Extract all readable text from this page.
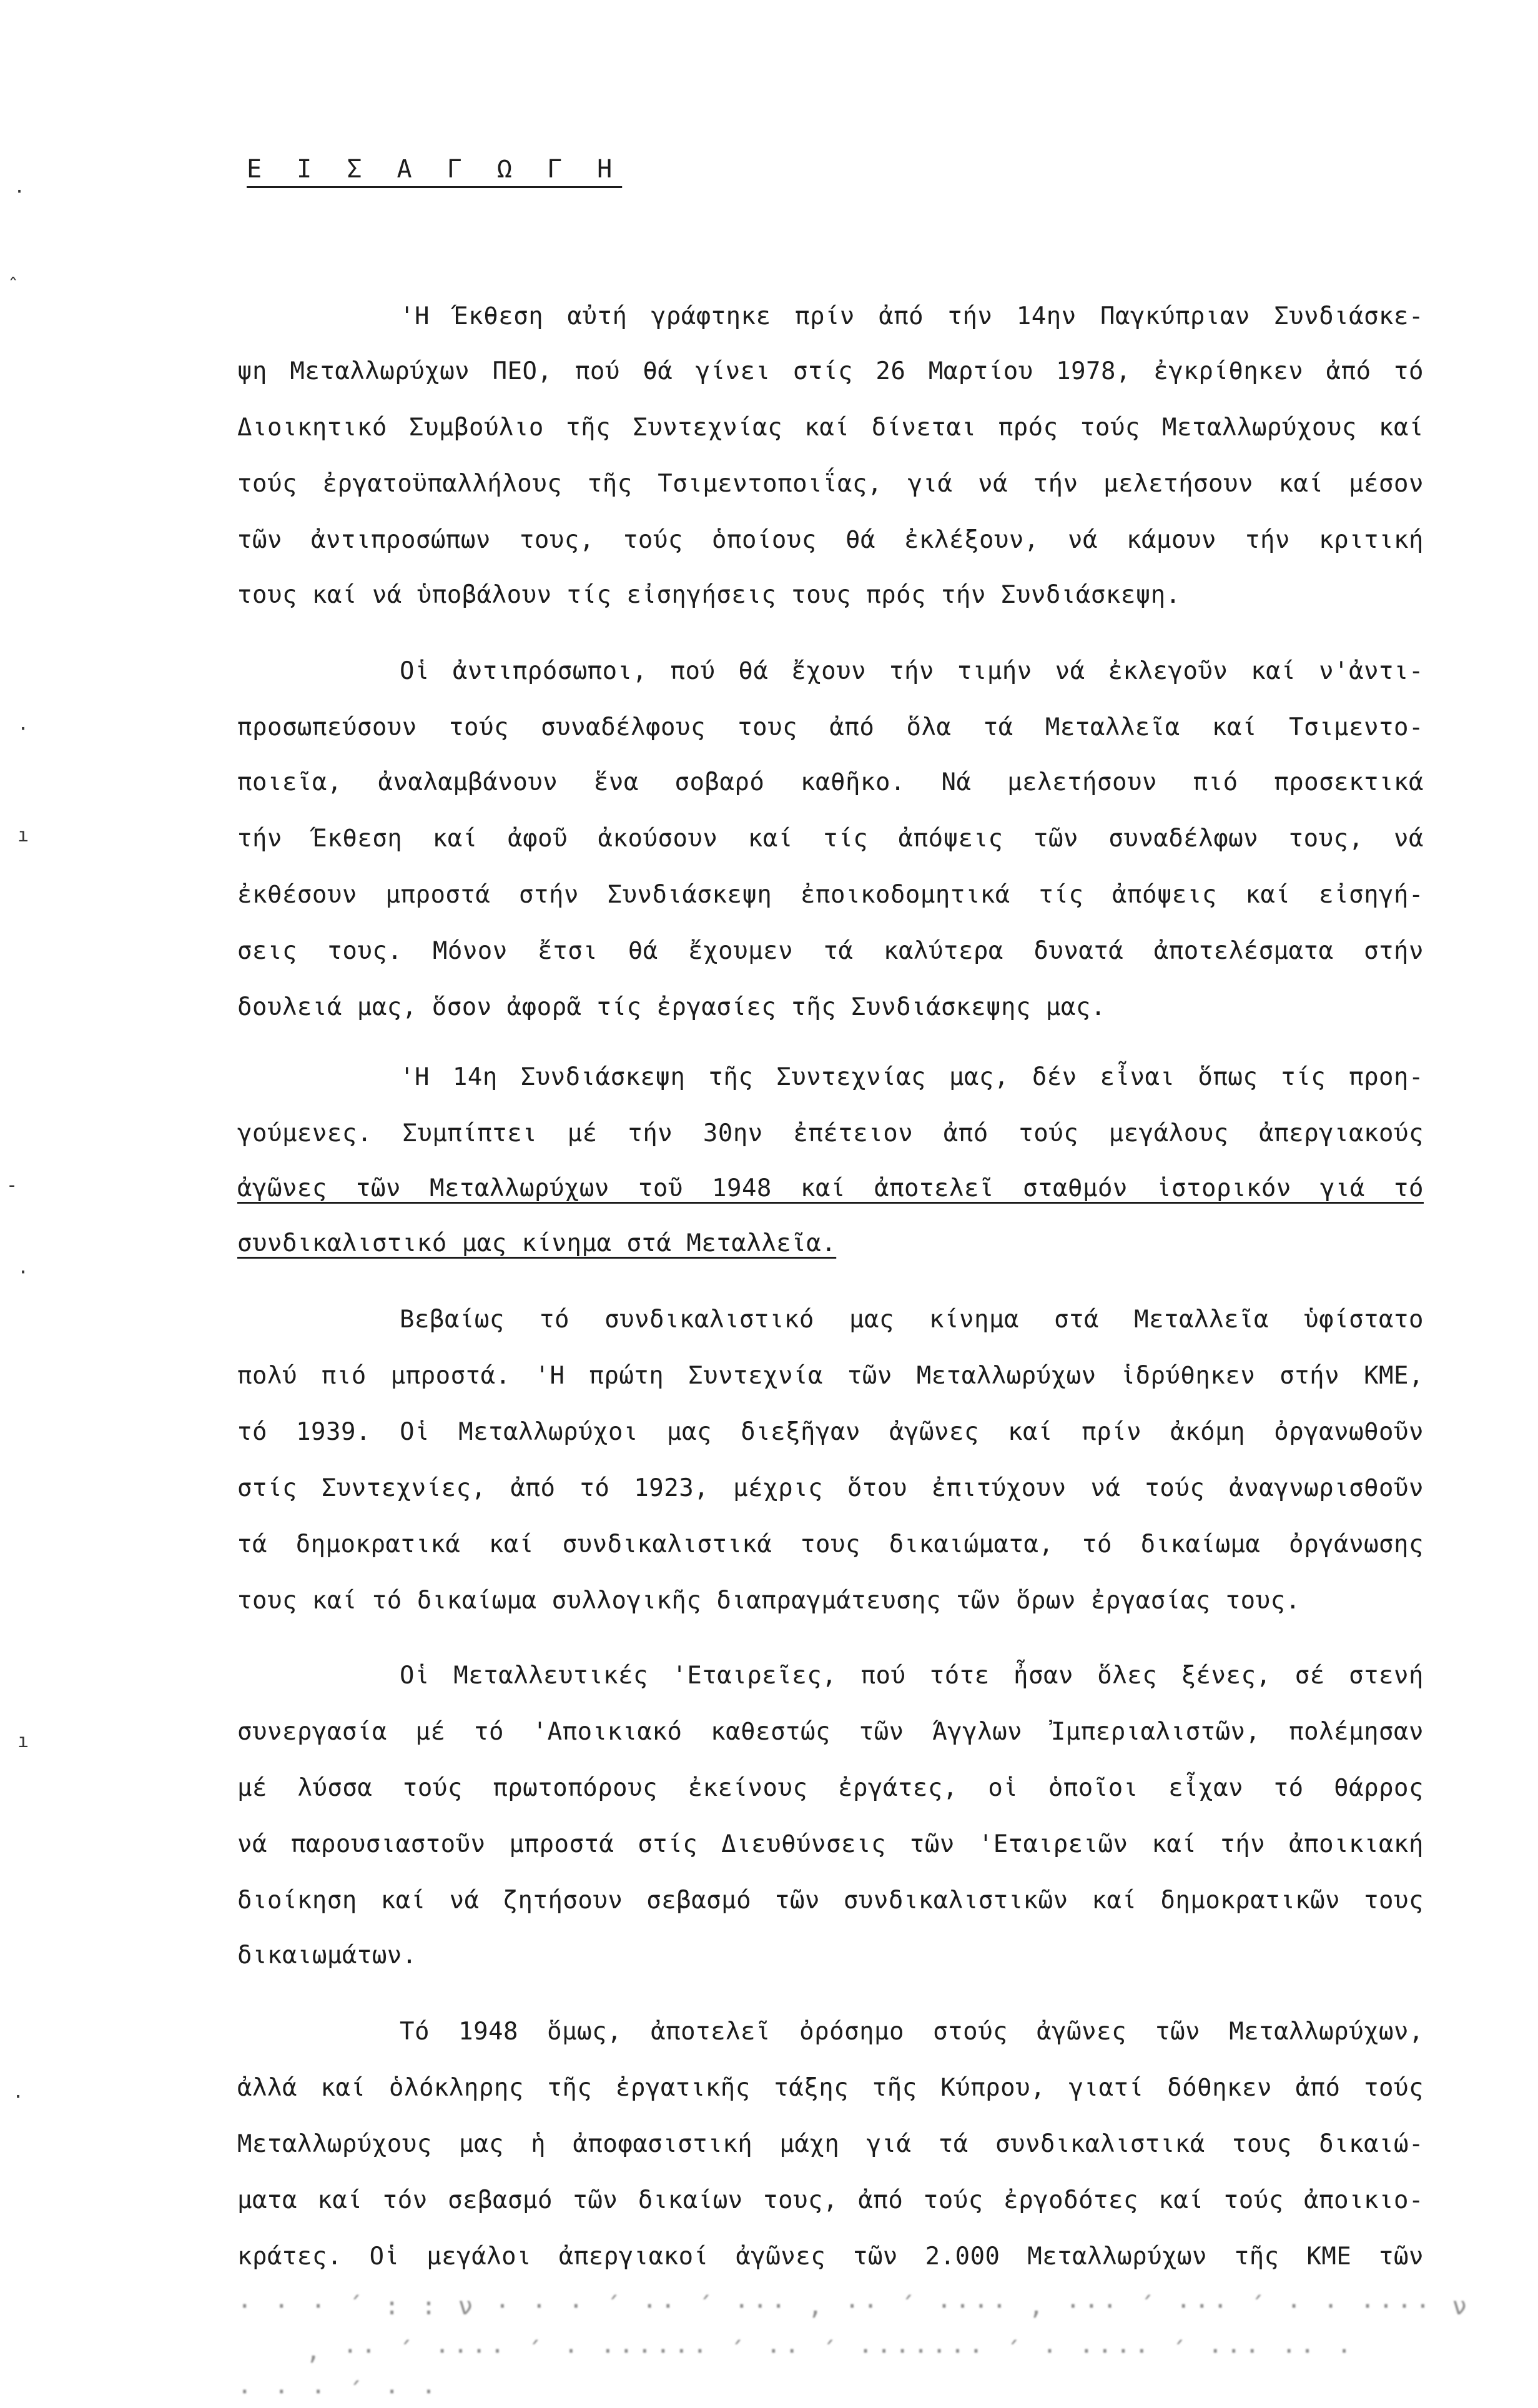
·
ˆ
·
ı
-
·
ı
·
Ε Ι Σ Α Γ Ω Γ Η
'Η Έκθεση αὐτή γράφτηκε πρίν ἀπό τήν 14ην Παγκύπριαν Συνδιάσκε-
ψη Μεταλλωρύχων ΠΕΟ, πού θά γίνει στίς 26 Μαρτίου 1978, ἐγκρίθηκεν ἀπό τό
Διοικητικό Συμβούλιο τῆς Συντεχνίας καί δίνεται πρός τούς Μεταλλωρύχους καί
τούς ἐργατοϋπαλλήλους τῆς Τσιμεντοποιΐας, γιά νά τήν μελετήσουν καί μέσον
τῶν ἀντιπροσώπων τους, τούς ὁποίους θά ἐκλέξουν, νά κάμουν τήν κριτική
τους καί νά ὑποβάλουν τίς εἰσηγήσεις τους πρός τήν Συνδιάσκεψη.
Οἱ ἀντιπρόσωποι, πού θά ἔχουν τήν τιμήν νά ἐκλεγοῦν καί ν'ἀντι-
προσωπεύσουν τούς συναδέλφους τους ἀπό ὅλα τά Μεταλλεῖα καί Τσιμεντο-
ποιεῖα, ἀναλαμβάνουν ἕνα σοβαρό καθῆκο. Νά μελετήσουν πιό προσεκτικά
τήν Έκθεση καί ἀφοῦ ἀκούσουν καί τίς ἀπόψεις τῶν συναδέλφων τους, νά
ἐκθέσουν μπροστά στήν Συνδιάσκεψη ἐποικοδομητικά τίς ἀπόψεις καί εἰσηγή-
σεις τους. Μόνον ἔτσι θά ἔχουμεν τά καλύτερα δυνατά ἀποτελέσματα στήν
δουλειά μας, ὅσον ἀφορᾶ τίς ἐργασίες τῆς Συνδιάσκεψης μας.
'Η 14η Συνδιάσκεψη τῆς Συντεχνίας μας, δέν εἶναι ὅπως τίς προη-
γούμενες. Συμπίπτει μέ τήν 30ην ἐπέτειον ἀπό τούς μεγάλους ἀπεργιακούς
ἀγῶνες τῶν Μεταλλωρύχων τοῦ 1948 καί ἀποτελεῖ σταθμόν ἱστορικόν γιά τό
συνδικαλιστικό μας κίνημα στά Μεταλλεῖα.
Βεβαίως τό συνδικαλιστικό μας κίνημα στά Μεταλλεῖα ὑφίστατο
πολύ πιό μπροστά. 'Η πρώτη Συντεχνία τῶν Μεταλλωρύχων ἱδρύθηκεν στήν ΚΜΕ,
τό 1939. Οἱ Μεταλλωρύχοι μας διεξῆγαν ἀγῶνες καί πρίν ἀκόμη ὀργανωθοῦν
στίς Συντεχνίες, ἀπό τό 1923, μέχρις ὅτου ἐπιτύχουν νά τούς ἀναγνωρισθοῦν
τά δημοκρατικά καί συνδικαλιστικά τους δικαιώματα, τό δικαίωμα ὀργάνωσης
τους καί τό δικαίωμα συλλογικῆς διαπραγμάτευσης τῶν ὅρων ἐργασίας τους.
Οἱ Μεταλλευτικές 'Εταιρεῖες, πού τότε ἦσαν ὅλες ξένες, σέ στενή
συνεργασία μέ τό 'Αποικιακό καθεστώς τῶν Άγγλων Ἰμπεριαλιστῶν, πολέμησαν
μέ λύσσα τούς πρωτοπόρους ἐκείνους ἐργάτες, οἱ ὁποῖοι εἶχαν τό θάρρος
νά παρουσιαστοῦν μπροστά στίς Διευθύνσεις τῶν 'Εταιρειῶν καί τήν ἀποικιακή
διοίκηση καί νά ζητήσουν σεβασμό τῶν συνδικαλιστικῶν καί δημοκρατικῶν τους
δικαιωμάτων.
Τό 1948 ὅμως, ἀποτελεῖ ὀρόσημο στούς ἀγῶνες τῶν Μεταλλωρύχων,
ἀλλά καί ὁλόκληρης τῆς ἐργατικῆς τάξης τῆς Κύπρου, γιατί δόθηκεν ἀπό τούς
Μεταλλωρύχους μας ἡ ἀποφασιστική μάχη γιά τά συνδικαλιστικά τους δικαιώ-
ματα καί τόν σεβασμό τῶν δικαίων τους, ἀπό τούς ἐργοδότες καί τούς ἀποικιο-
κράτες. Οἱ μεγάλοι ἀπεργιακοί ἀγῶνες τῶν 2.000 Μεταλλωρύχων τῆς ΚΜΕ τῶν
· · · ΄ : : ν · · · ΄ ·· ΄ ··· , ·· ΄ ···· , ··· ΄ ··· ΄ · · ···· ν
, ·· ΄ ···· ΄ · ······ ΄ ·· ΄ ······· ΄ · ···· ΄ ··· ·· ·
· · · ΄ · ·
